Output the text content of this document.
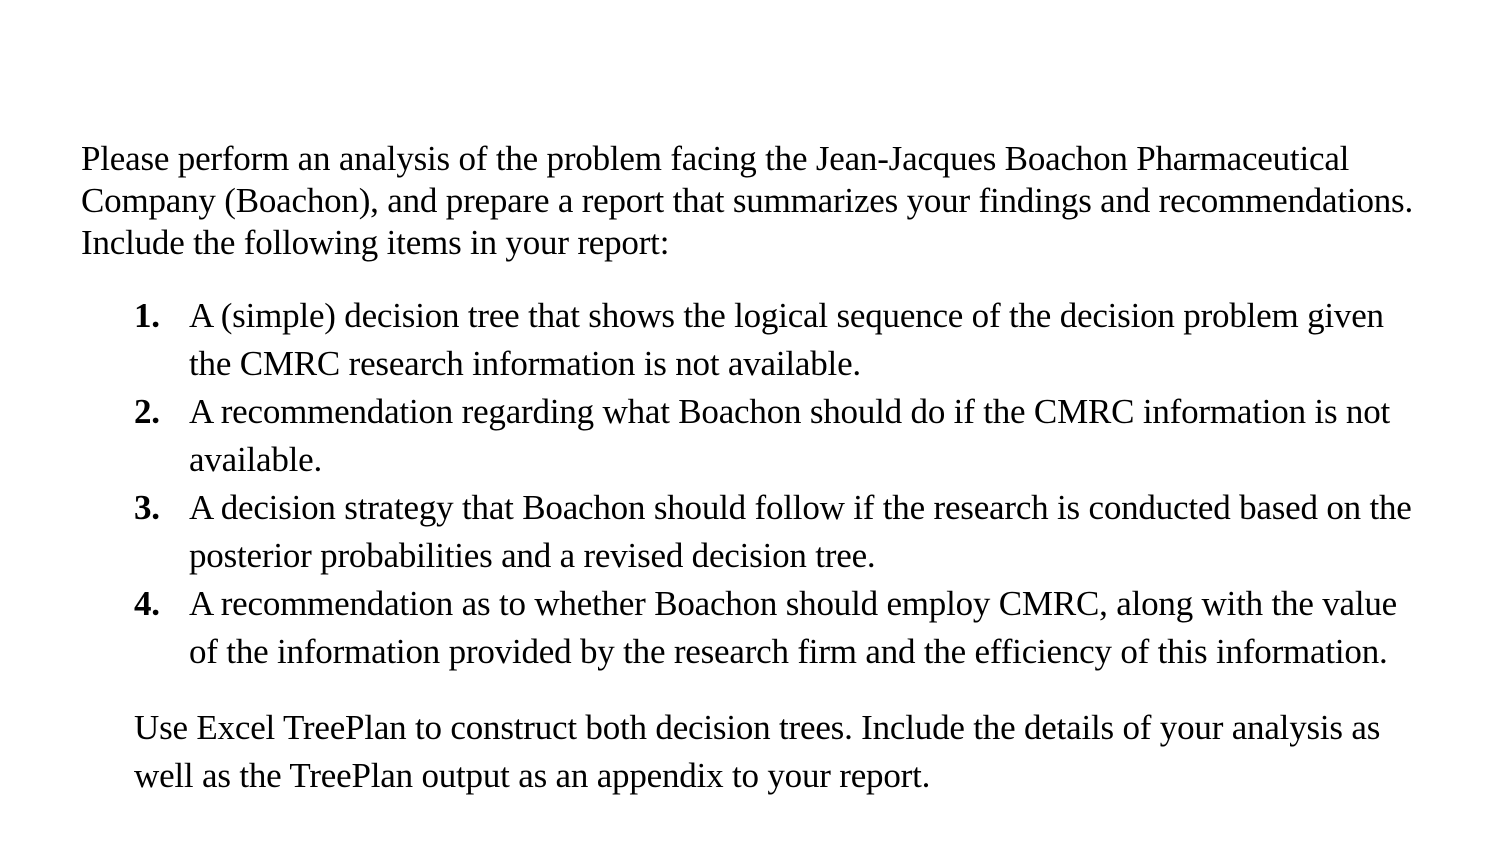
Please perform an analysis of the problem facing the Jean-Jacques Boachon Pharmaceutical
Company (Boachon), and prepare a report that summarizes your findings and recommendations.
Include the following items in your report:

1. A (simple) decision tree that shows the logical sequence of the decision problem given
the CMRC research information is not available.
2. A recommendation regarding what Boachon should do if the CMRC information is not
available.
3. A decision strategy that Boachon should follow if the research is conducted based on the
posterior probabilities and a revised decision tree.
4. A recommendation as to whether Boachon should employ CMRC, along with the value
of the information provided by the research firm and the efficiency of this information.

Use Excel TreePlan to construct both decision trees. Include the details of your analysis as
well as the TreePlan output as an appendix to your report.
